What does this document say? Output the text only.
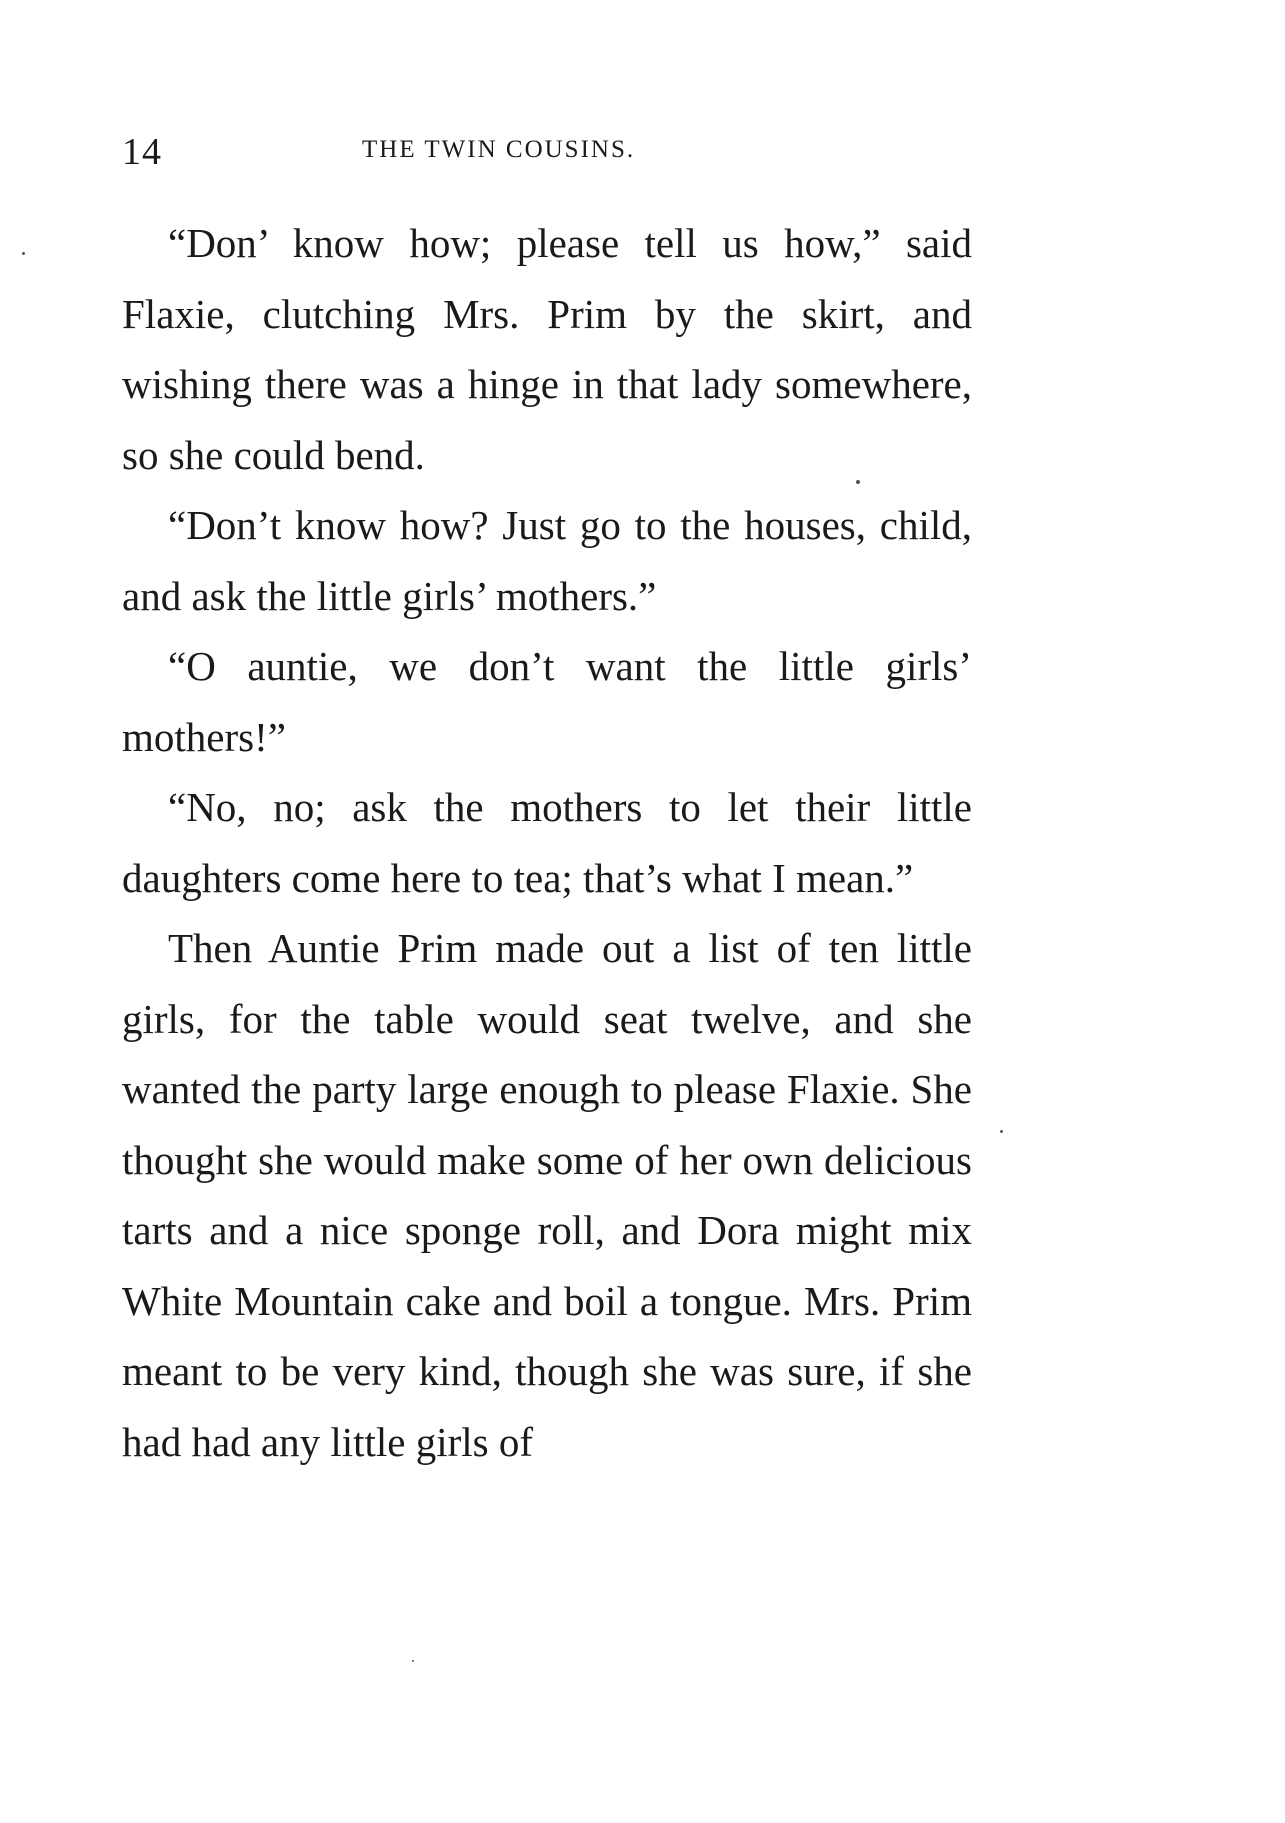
14	THE TWIN COUSINS.

“Don’ know how; please tell us how,” said Flaxie, clutching Mrs. Prim by the skirt, and wishing there was a hinge in that lady somewhere, so she could bend.

“Don’t know how? Just go to the houses, child, and ask the little girls’ mothers.”

“O auntie, we don’t want the little girls’ mothers!”

“No, no; ask the mothers to let their little daughters come here to tea; that’s what I mean.”

Then Auntie Prim made out a list of ten little girls, for the table would seat twelve, and she wanted the party large enough to please Flaxie. She thought she would make some of her own delicious tarts and a nice sponge roll, and Dora might mix White Mountain cake and boil a tongue. Mrs. Prim meant to be very kind, though she was sure, if she had had any little girls of
